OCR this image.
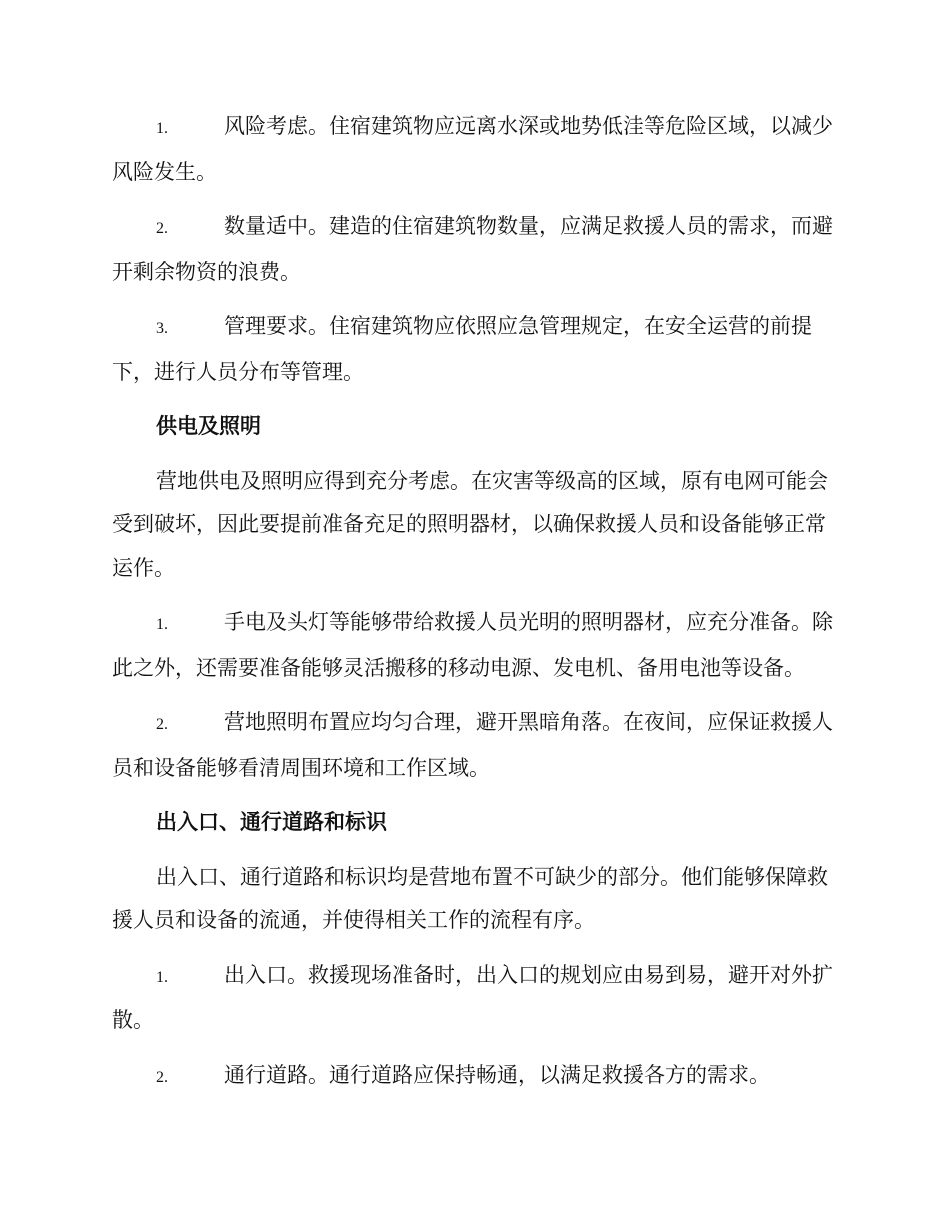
1.	风险考虑。住宿建筑物应远离水深或地势低洼等危险区域，以减少风险发生。

2.	数量适中。建造的住宿建筑物数量，应满足救援人员的需求，而避开剩余物资的浪费。

3.	管理要求。住宿建筑物应依照应急管理规定，在安全运营的前提下，进行人员分布等管理。

供电及照明

营地供电及照明应得到充分考虑。在灾害等级高的区域，原有电网可能会受到破坏，因此要提前准备充足的照明器材，以确保救援人员和设备能够正常运作。

1.	手电及头灯等能够带给救援人员光明的照明器材，应充分准备。除此之外，还需要准备能够灵活搬移的移动电源、发电机、备用电池等设备。

2.	营地照明布置应均匀合理，避开黑暗角落。在夜间，应保证救援人员和设备能够看清周围环境和工作区域。

出入口、通行道路和标识

出入口、通行道路和标识均是营地布置不可缺少的部分。他们能够保障救援人员和设备的流通，并使得相关工作的流程有序。

1.	出入口。救援现场准备时，出入口的规划应由易到易，避开对外扩散。

2.	通行道路。通行道路应保持畅通，以满足救援各方的需求。
